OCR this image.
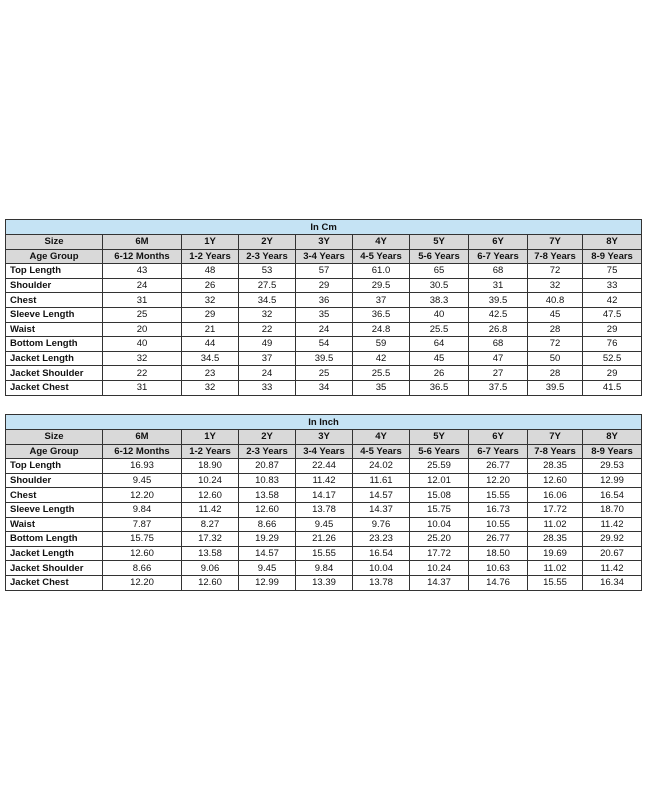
In Cm									
Size	6M	1Y	2Y	3Y	4Y	5Y	6Y	7Y	8Y
Age Group	6-12 Months	1-2 Years	2-3 Years	3-4 Years	4-5 Years	5-6 Years	6-7 Years	7-8 Years	8-9 Years
Top Length	43	48	53	57	61.0	65	68	72	75
Shoulder	24	26	27.5	29	29.5	30.5	31	32	33
Chest	31	32	34.5	36	37	38.3	39.5	40.8	42
Sleeve Length	25	29	32	35	36.5	40	42.5	45	47.5
Waist	20	21	22	24	24.8	25.5	26.8	28	29
Bottom Length	40	44	49	54	59	64	68	72	76
Jacket Length	32	34.5	37	39.5	42	45	47	50	52.5
Jacket Shoulder	22	23	24	25	25.5	26	27	28	29
Jacket Chest	31	32	33	34	35	36.5	37.5	39.5	41.5
In Inch									
Size	6M	1Y	2Y	3Y	4Y	5Y	6Y	7Y	8Y
Age Group	6-12 Months	1-2 Years	2-3 Years	3-4 Years	4-5 Years	5-6 Years	6-7 Years	7-8 Years	8-9 Years
Top Length	16.93	18.90	20.87	22.44	24.02	25.59	26.77	28.35	29.53
Shoulder	9.45	10.24	10.83	11.42	11.61	12.01	12.20	12.60	12.99
Chest	12.20	12.60	13.58	14.17	14.57	15.08	15.55	16.06	16.54
Sleeve Length	9.84	11.42	12.60	13.78	14.37	15.75	16.73	17.72	18.70
Waist	7.87	8.27	8.66	9.45	9.76	10.04	10.55	11.02	11.42
Bottom Length	15.75	17.32	19.29	21.26	23.23	25.20	26.77	28.35	29.92
Jacket Length	12.60	13.58	14.57	15.55	16.54	17.72	18.50	19.69	20.67
Jacket Shoulder	8.66	9.06	9.45	9.84	10.04	10.24	10.63	11.02	11.42
Jacket Chest	12.20	12.60	12.99	13.39	13.78	14.37	14.76	15.55	16.34
